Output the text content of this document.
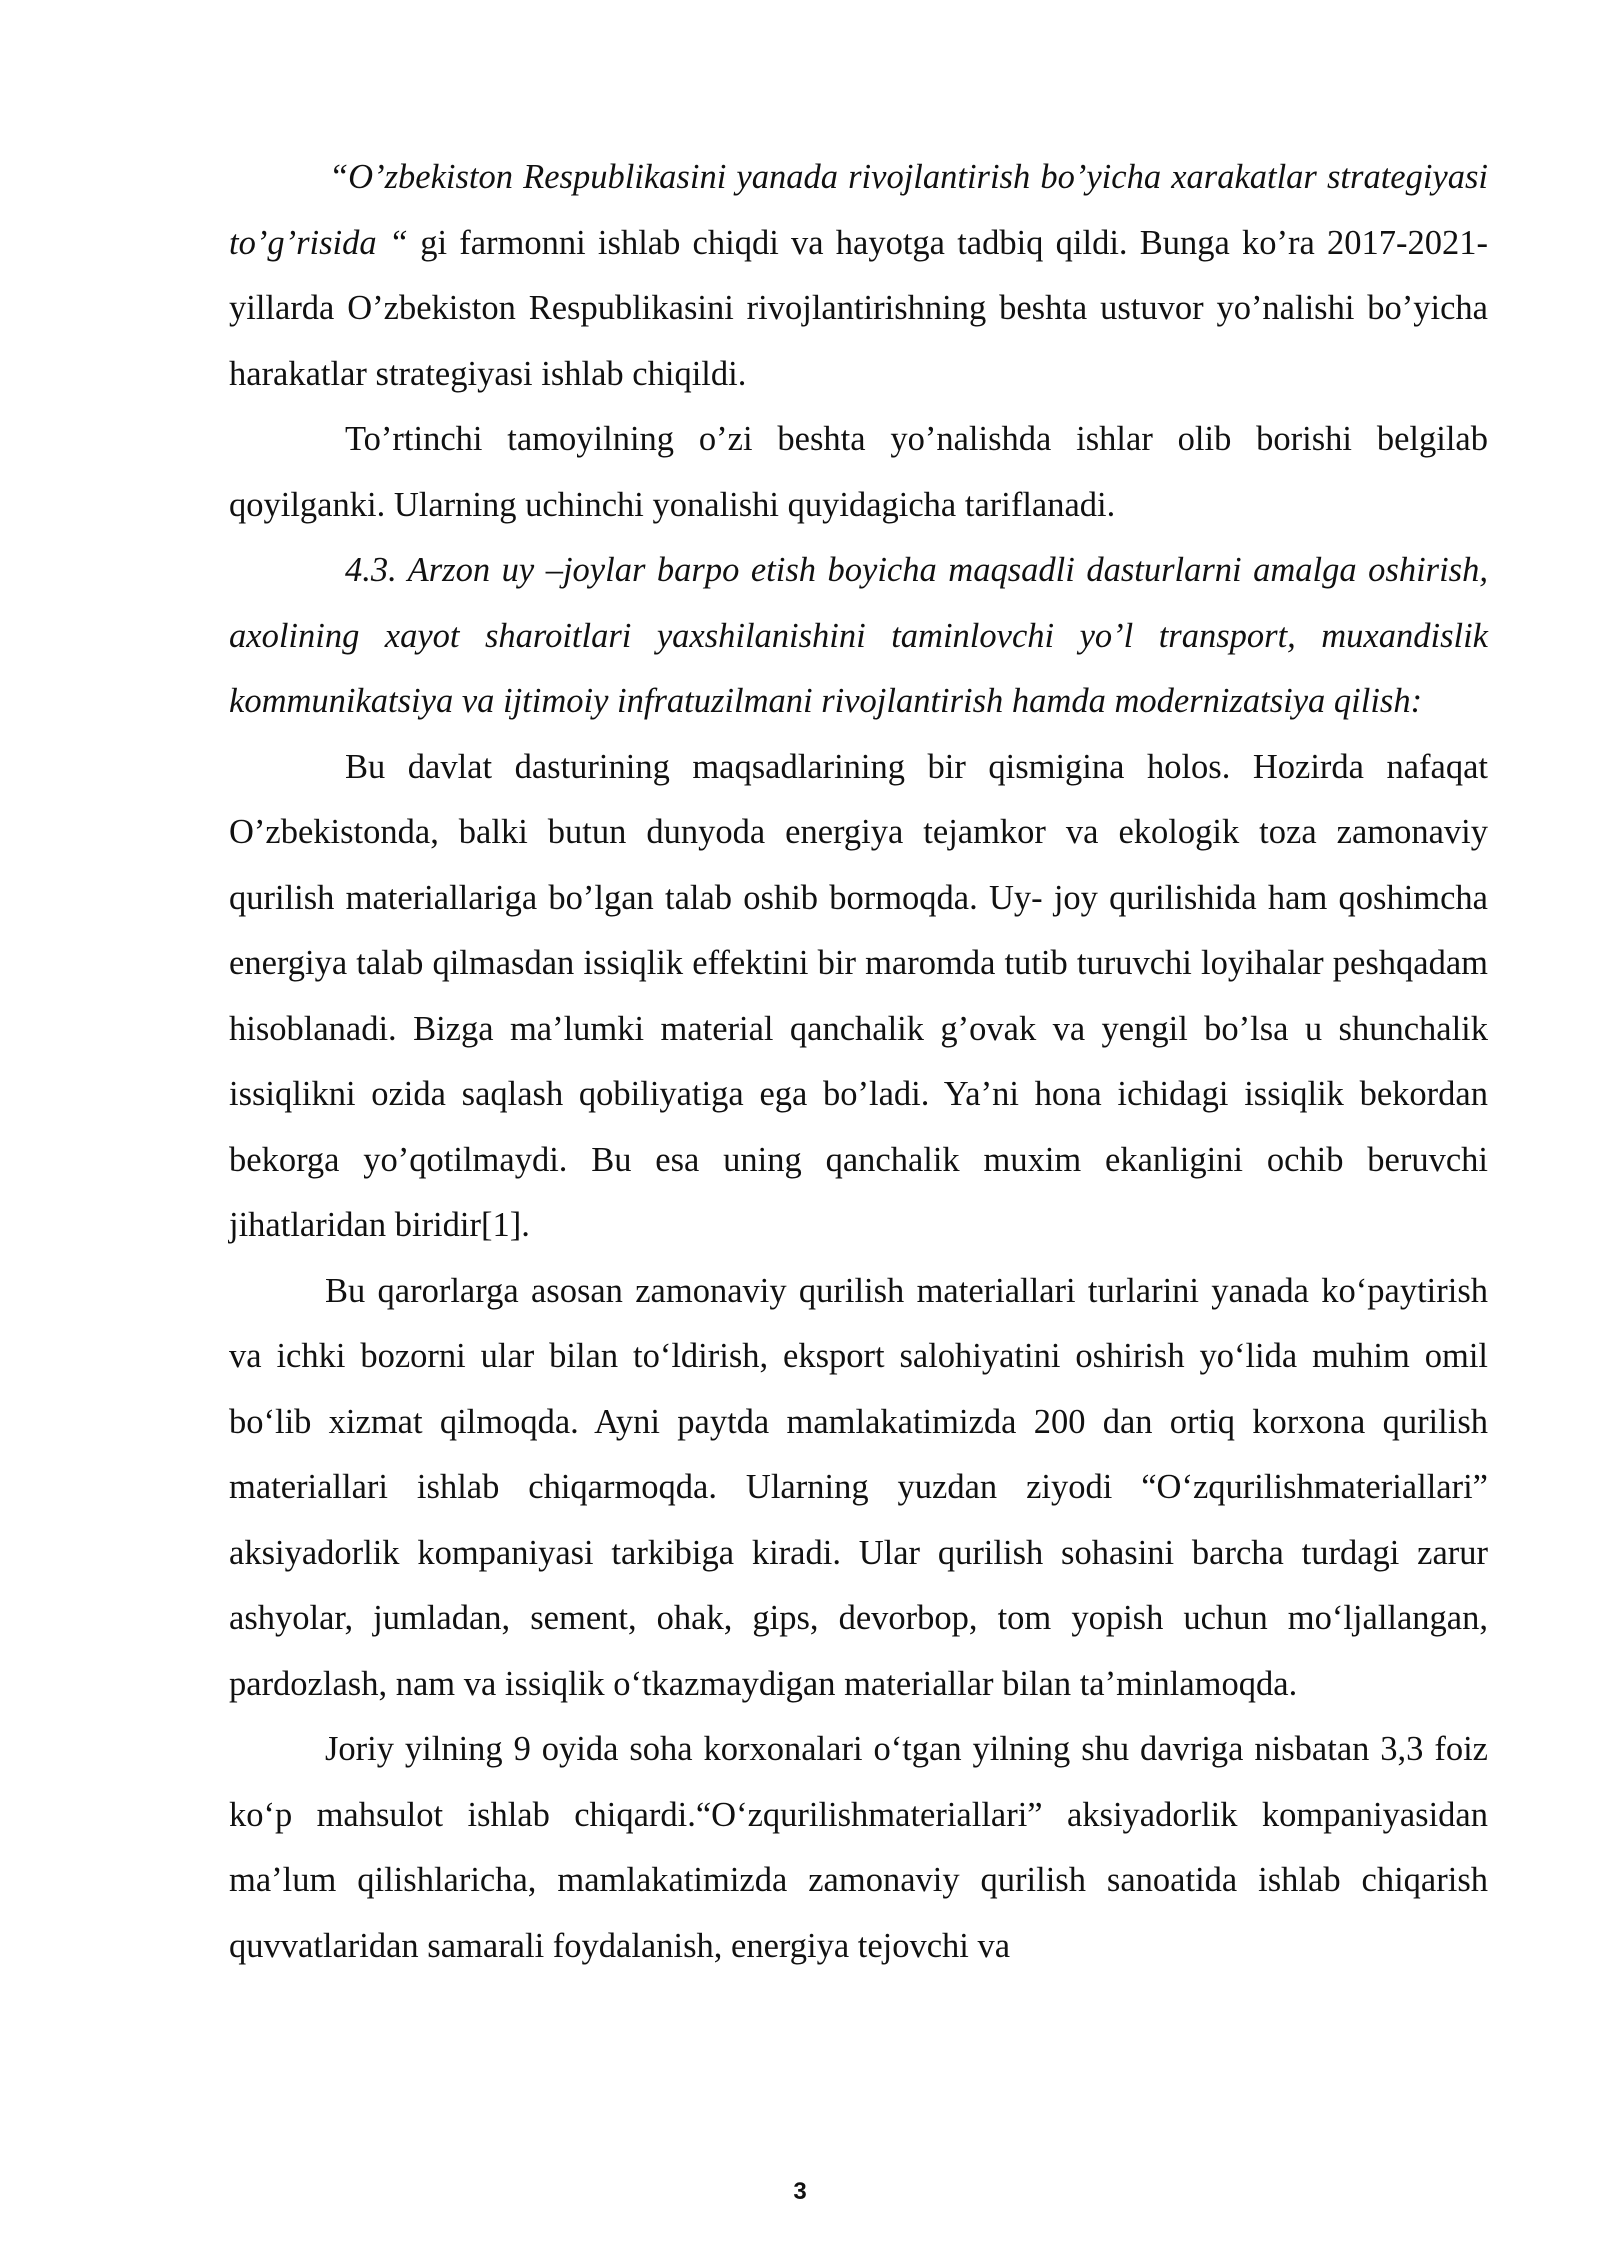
“O’zbekiston Respublikasini yanada rivojlantirish bo’yicha xarakatlar strategiyasi to’g’risida “ gi farmonni ishlab chiqdi va hayotga tadbiq qildi. Bunga ko’ra 2017-2021-yillarda O’zbekiston Respublikasini rivojlantirishning beshta ustuvor yo’nalishi bo’yicha harakatlar strategiyasi ishlab chiqildi.

To’rtinchi tamoyilning o’zi beshta yo’nalishda ishlar olib borishi belgilab qoyilganki. Ularning uchinchi yonalishi quyidagicha tariflanadi.

4.3. Arzon uy –joylar barpo etish boyicha maqsadli dasturlarni amalga oshirish, axolining xayot sharoitlari yaxshilanishini taminlovchi yo’l transport, muxandislik kommunikatsiya va ijtimoiy infratuzilmani rivojlantirish hamda modernizatsiya qilish:

Bu davlat dasturining maqsadlarining bir qismigina holos. Hozirda nafaqat O’zbekistonda, balki butun dunyoda energiya tejamkor va ekologik toza zamonaviy qurilish materiallariga bo’lgan talab oshib bormoqda. Uy- joy qurilishida ham qoshimcha energiya talab qilmasdan issiqlik effektini bir maromda tutib turuvchi loyihalar peshqadam hisoblanadi. Bizga ma’lumki material qanchalik g’ovak va yengil bo’lsa u shunchalik issiqlikni ozida saqlash qobiliyatiga ega bo’ladi. Ya’ni hona ichidagi issiqlik bekordan bekorga yo’qotilmaydi. Bu esa uning qanchalik muxim ekanligini ochib beruvchi jihatlaridan biridir[1].

Bu qarorlarga asosan zamonaviy qurilish materiallari turlarini yanada koʻpaytirish va ichki bozorni ular bilan toʻldirish, eksport salohiyatini oshirish yoʻlida muhim omil boʻlib xizmat qilmoqda. Ayni paytda mamlakatimizda 200 dan ortiq korxona qurilish materiallari ishlab chiqarmoqda. Ularning yuzdan ziyodi “Oʻzqurilishmateriallari” aksiyadorlik kompaniyasi tarkibiga kiradi. Ular qurilish sohasini barcha turdagi zarur ashyolar, jumladan, sement, ohak, gips, devorbop, tom yopish uchun moʻljallangan, pardozlash, nam va issiqlik oʻtkazmaydigan materiallar bilan taʼminlamoqda.

Joriy yilning 9 oyida soha korxonalari oʻtgan yilning shu davriga nisbatan 3,3 foiz koʻp mahsulot ishlab chiqardi.“Oʻzqurilishmateriallari” aksiyadorlik kompaniyasidan maʼlum qilishlaricha, mamlakatimizda zamonaviy qurilish sanoatida ishlab chiqarish quvvatlaridan samarali foydalanish, energiya tejovchi va

3
